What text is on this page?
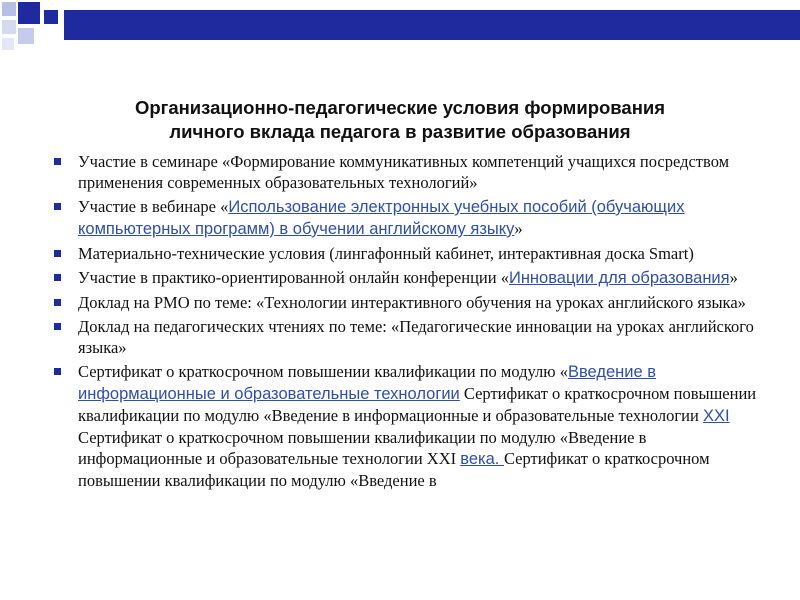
Организационно-педагогические условия формирования
личного вклада педагога в развитие образования
Участие в семинаре «Формирование коммуникативных компетенций учащихся посредством применения современных образовательных технологий»
Участие в вебинаре «Использование электронных учебных пособий (обучающих компьютерных программ) в обучении английскому языку»
Материально-технические условия (лингафонный кабинет, интерактивная доска Smart)
Участие в практико-ориентированной онлайн конференции «Инновации для образования»
Доклад на РМО по теме: «Технологии интерактивного обучения на уроках английского языка»
Доклад на педагогических чтениях по теме: «Педагогические инновации на уроках английского языка»
Сертификат о краткосрочном повышении квалификации по модулю «Введение в информационные и образовательные технологии Сертификат о краткосрочном повышении квалификации по модулю «Введение в информационные и образовательные технологии XXI Сертификат о краткосрочном повышении квалификации по модулю «Введение в информационные и образовательные технологии XXI века. Сертификат о краткосрочном повышении квалификации по модулю «Введение в
